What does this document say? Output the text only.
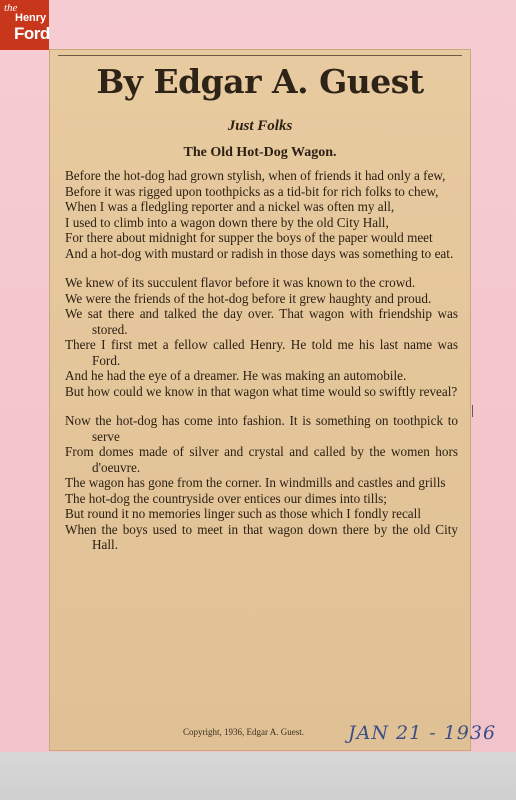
the
Henry
Ford
By Edgar A. Guest
Just Folks
The Old Hot-Dog Wagon.
Before the hot-dog had grown stylish, when of friends it had only a few,
Before it was rigged upon toothpicks as a tid-bit for rich folks to chew,
When I was a fledgling reporter and a nickel was often my all,
I used to climb into a wagon down there by the old City Hall,
For there about midnight for supper the boys of the paper would meet
And a hot-dog with mustard or radish in those days was something to eat.
We knew of its succulent flavor before it was known to the crowd.
We were the friends of the hot-dog before it grew haughty and proud.
We sat there and talked the day over. That wagon with friendship was stored.
There I first met a fellow called Henry. He told me his last name was Ford.
And he had the eye of a dreamer. He was making an automobile.
But how could we know in that wagon what time would so swiftly reveal?
Now the hot-dog has come into fashion. It is something on toothpick to serve
From domes made of silver and crystal and called by the women hors d'oeuvre.
The wagon has gone from the corner. In windmills and castles and grills
The hot-dog the countryside over entices our dimes into tills;
But round it no memories linger such as those which I fondly recall
When the boys used to meet in that wagon down there by the old City Hall.
Copyright, 1936, Edgar A. Guest. JAN 21 - 1936
